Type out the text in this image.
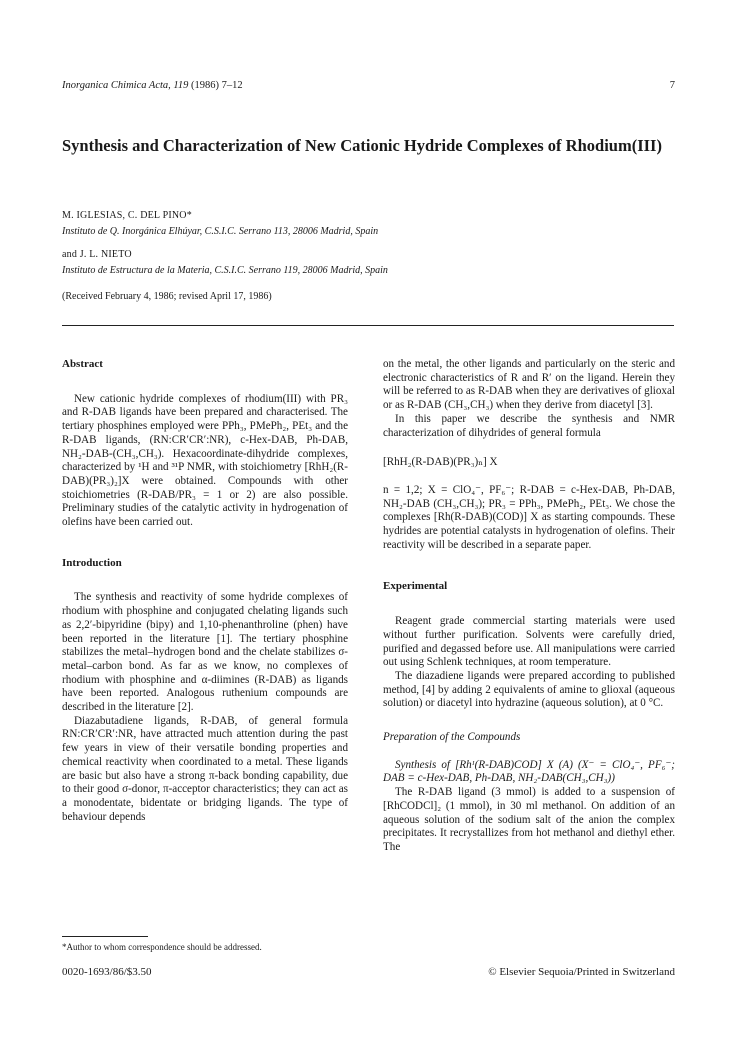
Inorganica Chimica Acta, 119 (1986) 7–12	7
Synthesis and Characterization of New Cationic Hydride Complexes of Rhodium(III)
M. IGLESIAS, C. DEL PINO*
Instituto de Q. Inorgánica Elhúyar, C.S.I.C. Serrano 113, 28006 Madrid, Spain
and J. L. NIETO
Instituto de Estructura de la Materia, C.S.I.C. Serrano 119, 28006 Madrid, Spain
(Received February 4, 1986; revised April 17, 1986)
Abstract

New cationic hydride complexes of rhodium(III) with PR₃ and R-DAB ligands have been prepared and characterised. The tertiary phosphines employed were PPh₃, PMePh₂, PEt₃ and the R-DAB ligands, (RN:CR′CR′:NR), c-Hex-DAB, Ph-DAB, NH₂-DAB-(CH₃,CH₃). Hexacoordinate-dihydride complexes, characterized by ¹H and ³¹P NMR, with stoichiometry [RhH₂(R-DAB)(PR₃)₂]X were obtained. Compounds with other stoichiometries (R-DAB/PR₃ = 1 or 2) are also possible. Preliminary studies of the catalytic activity in hydrogenation of olefins have been carried out.

Introduction

The synthesis and reactivity of some hydride complexes of rhodium with phosphine and conjugated chelating ligands such as 2,2′-bipyridine (bipy) and 1,10-phenanthroline (phen) have been reported in the literature [1]. The tertiary phosphine stabilizes the metal–hydrogen bond and the chelate stabilizes σ-metal–carbon bond. As far as we know, no complexes of rhodium with phosphine and α-diimines (R-DAB) as ligands have been reported. Analogous ruthenium compounds are described in the literature [2].

Diazabutadiene ligands, R-DAB, of general formula RN:CR′CR′:NR, have attracted much attention during the past few years in view of their versatile bonding properties and chemical reactivity when coordinated to a metal. These ligands are basic but also have a strong π-back bonding capability, due to their good σ-donor, π-acceptor characteristics; they can act as a monodentate, bidentate or bridging ligands. The type of behaviour depends

on the metal, the other ligands and particularly on the steric and electronic characteristics of R and R′ on the ligand. Herein they will be referred to as R-DAB when they are derivatives of glioxal or as R-DAB (CH₃,CH₃) when they derive from diacetyl [3].

In this paper we describe the synthesis and NMR characterization of dihydrides of general formula

[RhH₂(R-DAB)(PR₃)ₙ] X

n = 1,2; X = ClO₄⁻, PF₆⁻; R-DAB = c-Hex-DAB, Ph-DAB, NH₂-DAB (CH₃,CH₃); PR₃ = PPh₃, PMePh₂, PEt₃. We chose the complexes [Rh(R-DAB)(COD)] X as starting compounds. These hydrides are potential catalysts in hydrogenation of olefins. Their reactivity will be described in a separate paper.

Experimental

Reagent grade commercial starting materials were used without further purification. Solvents were carefully dried, purified and degassed before use. All manipulations were carried out using Schlenk techniques, at room temperature.

The diazadiene ligands were prepared according to published method, [4] by adding 2 equivalents of amine to glioxal (aqueous solution) or diacetyl into hydrazine (aqueous solution), at 0 °C.

Preparation of the Compounds

Synthesis of [Rhᴵ(R-DAB)COD] X (A) (X⁻ = ClO₄⁻, PF₆⁻; DAB = c-Hex-DAB, Ph-DAB, NH₂-DAB(CH₃,CH₃))

The R-DAB ligand (3 mmol) is added to a suspension of [RhCODCl]₂ (1 mmol), in 30 ml methanol. On addition of an aqueous solution of the sodium salt of the anion the complex precipitates. It recrystallizes from hot methanol and diethyl ether. The

*Author to whom correspondence should be addressed.
0020-1693/86/$3.50	© Elsevier Sequoia/Printed in Switzerland
